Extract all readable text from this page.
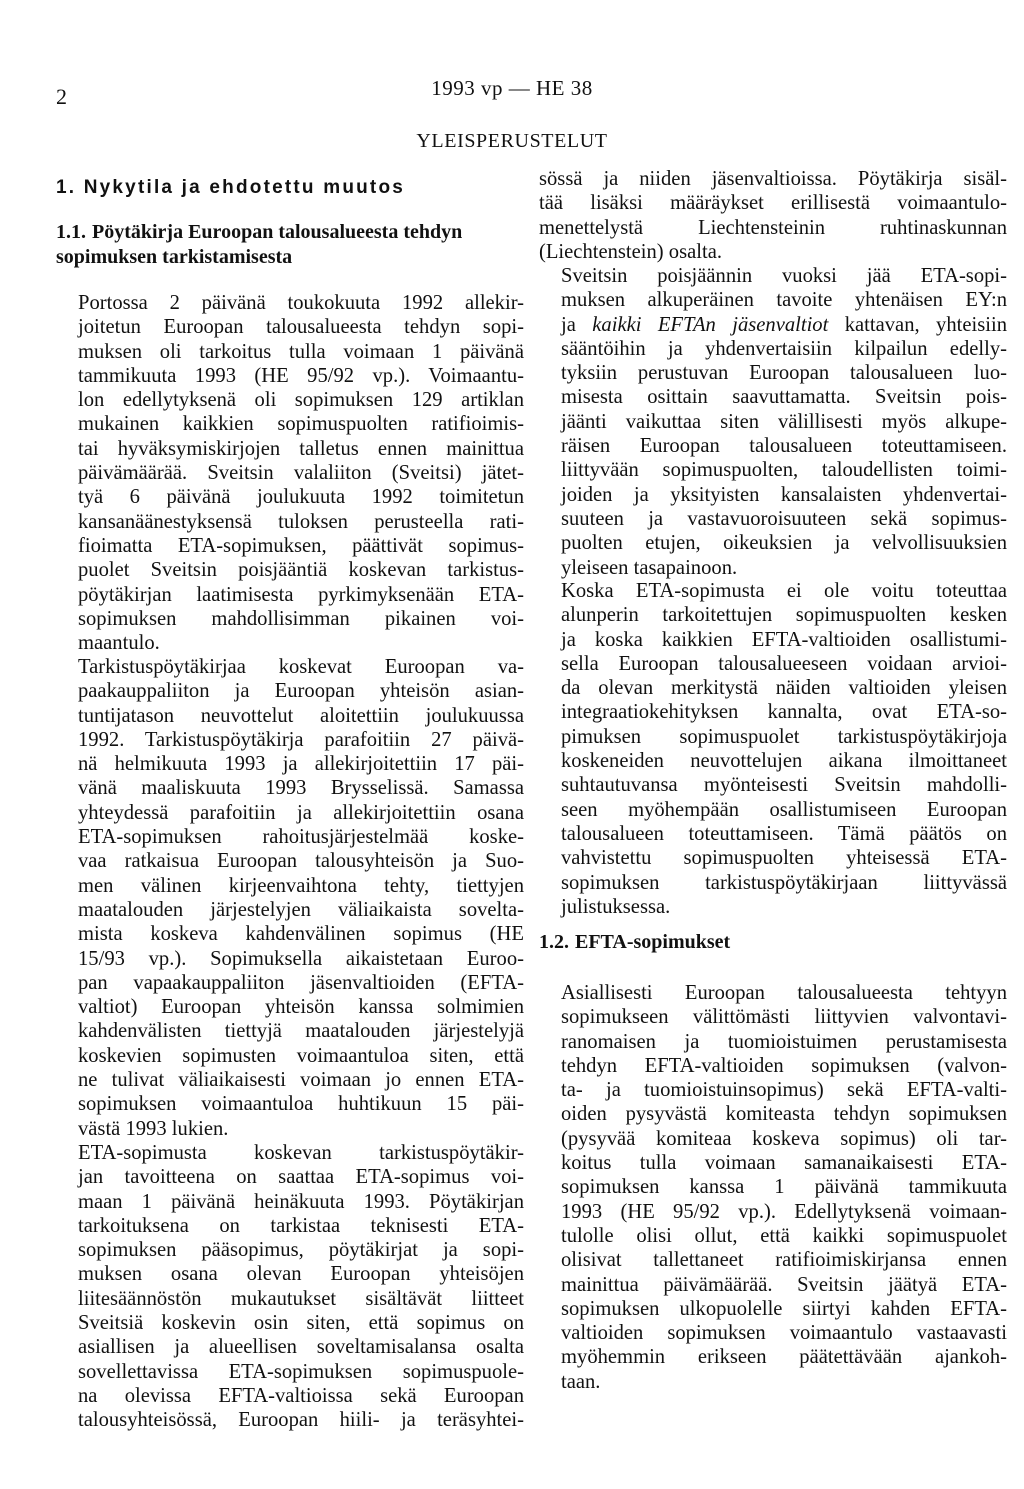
2	1993 vp — HE 38
YLEISPERUSTELUT
1. Nykytila ja ehdotettu muutos
1.1. Pöytäkirja Euroopan talousalueesta tehdyn
sopimuksen tarkistamisesta

Portossa 2 päivänä toukokuuta 1992 allekir-
joitetun Euroopan talousalueesta tehdyn sopi-
muksen oli tarkoitus tulla voimaan 1 päivänä
tammikuuta 1993 (HE 95/92 vp.). Voimaantu-
lon edellytyksenä oli sopimuksen 129 artiklan
mukainen kaikkien sopimuspuolten ratifioimis-
tai hyväksymiskirjojen talletus ennen mainittua
päivämäärää. Sveitsin valaliiton (Sveitsi) jätet-
tyä 6 päivänä joulukuuta 1992 toimitetun
kansanäänestyksensä tuloksen perusteella rati-
fioimatta ETA-sopimuksen, päättivät sopimus-
puolet Sveitsin poisjääntiä koskevan tarkistus-
pöytäkirjan laatimisesta pyrkimyksenään ETA-
sopimuksen mahdollisimman pikainen voi-
maantulo.

Tarkistuspöytäkirjaa koskevat Euroopan va-
paakauppaliiton ja Euroopan yhteisön asian-
tuntijatason neuvottelut aloitettiin joulukuussa
1992. Tarkistuspöytäkirja parafoitiin 27 päivä-
nä helmikuuta 1993 ja allekirjoitettiin 17 päi-
vänä maaliskuuta 1993 Brysselissä. Samassa
yhteydessä parafoitiin ja allekirjoitettiin osana
ETA-sopimuksen rahoitusjärjestelmää koske-
vaa ratkaisua Euroopan talousyhteisön ja Suo-
men välinen kirjeenvaihtona tehty, tiettyjen
maatalouden järjestelyjen väliaikaista soveltа-
mista koskeva kahdenvälinen sopimus (HE
15/93 vp.). Sopimuksella aikaistetaan Euroo-
pan vapaakauppaliiton jäsenvaltioiden (EFTA-
valtiot) Euroopan yhteisön kanssa solmimien
kahdenvälisten tiettyjä maatalouden järjestelyjä
koskevien sopimusten voimaantuloa siten, että
ne tulivat väliaikaisesti voimaan jo ennen ETA-
sopimuksen voimaantuloa huhtikuun 15 päi-
västä 1993 lukien.

ETA-sopimusta koskevan tarkistuspöytäkir-
jan tavoitteena on saattaa ETA-sopimus voi-
maan 1 päivänä heinäkuuta 1993. Pöytäkirjan
tarkoituksena on tarkistaa teknisesti ETA-
sopimuksen pääsopimus, pöytäkirjat ja sopi-
muksen osana olevan Euroopan yhteisöjen
liitesäännöstön mukautukset sisältävät liitteet
Sveitsiä koskevin osin siten, että sopimus on
asiallisen ja alueellisen soveltamisalansa osalta
sovellettavissa ETA-sopimuksen sopimuspuole-
na olevissa EFTA-valtioissa sekä Euroopan
talousyhteisössä, Euroopan hiili- ja teräsyhtei-

sössä ja niiden jäsenvaltioissa. Pöytäkirja sisäl-
tää lisäksi määräykset erillisestä voimaantulo-
menettelystä Liechtensteinin ruhtinaskunnan
(Liechtenstein) osalta.

Sveitsin poisjäännin vuoksi jää ETA-sopi-
muksen alkuperäinen tavoite yhtenäisen EY:n
ja kaikki EFTAn jäsenvaltiot kattavan, yhteisiin
sääntöihin ja yhdenvertaisiin kilpailun edelly-
tyksiin perustuvan Euroopan talousalueen luo-
misesta osittain saavuttamatta. Sveitsin pois-
jäänti vaikuttaa siten välillisesti myös alkupe-
räisen Euroopan talousalueen toteuttamiseen.
liittyvään sopimuspuolten, taloudellisten toimi-
joiden ja yksityisten kansalaisten yhdenvertai-
suuteen ja vastavuoroisuuteen sekä sopimus-
puolten etujen, oikeuksien ja velvollisuuksien
yleiseen tasapainoon.

Koska ETA-sopimusta ei ole voitu toteuttaa
alunperin tarkoitettujen sopimuspuolten kesken
ja koska kaikkien EFTA-valtioiden osallistumi-
sella Euroopan talousalueeseen voidaan arvioi-
da olevan merkitystä näiden valtioiden yleisen
integraatiokehityksen kannalta, ovat ETA-so-
pimuksen sopimuspuolet tarkistuspöytäkirjoja
koskeneiden neuvottelujen aikana ilmoittaneet
suhtautuvansa myönteisesti Sveitsin mahdolli-
seen myöhempään osallistumiseen Euroopan
talousalueen toteuttamiseen. Tämä päätös on
vahvistettu sopimuspuolten yhteisessä ETA-
sopimuksen tarkistuspöytäkirjaan liittyvässä
julistuksessa.

1.2. EFTA-sopimukset

Asiallisesti Euroopan talousalueesta tehtyyn
sopimukseen välittömästi liittyvien valvontavi-
ranomaisen ja tuomioistuimen perustamisesta
tehdyn EFTA-valtioiden sopimuksen (valvon-
ta- ja tuomioistuinsopimus) sekä EFTA-valti-
oiden pysyvästä komiteasta tehdyn sopimuksen
(pysyvää komiteaa koskeva sopimus) oli tar-
koitus tulla voimaan samanaikaisesti ETA-
sopimuksen kanssa 1 päivänä tammikuuta
1993 (HE 95/92 vp.). Edellytyksenä voimaan-
tulolle olisi ollut, että kaikki sopimuspuolet
olisivat tallettaneet ratifioimiskirjansa ennen
mainittua päivämäärää. Sveitsin jäätyä ETA-
sopimuksen ulkopuolelle siirtyi kahden EFTA-
valtioiden sopimuksen voimaantulo vastaavasti
myöhemmin erikseen päätettävään ajankoh-
taan.
